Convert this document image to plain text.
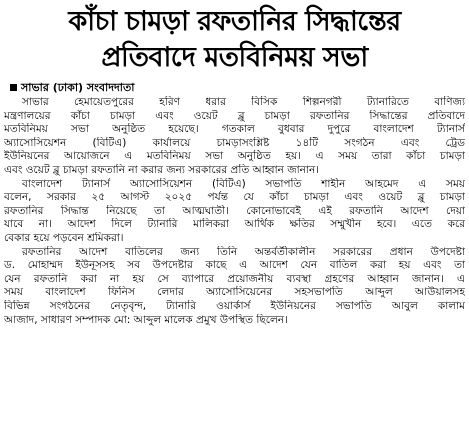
কাঁচা চামড়া রফতানির সিদ্ধান্তের
প্রতিবাদে মতবিনিময় সভা
সাভার (ঢাকা) সংবাদদাতা
সাভার হেমায়েতপুরের হরিণ ধরার বিসিক শিল্পনগরী ট্যানারিতে বাণিজ্য
মন্ত্রণালয়ের কাঁচা চামড়া এবং ওয়েট ব্লু চামড়া রফতানির সিদ্ধান্তের প্রতিবাদে
মতবিনিময় সভা অনুষ্ঠিত হয়েছে। গতকাল বুধবার দুপুরে বাংলাদেশ ট্যানার্স
অ্যাসোসিয়েশন (বিটিএ) কার্যালয়ে চামড়াসংশ্লিষ্ট ১৪টি সংগঠন এবং ট্রেড
ইউনিয়নের আয়োজনে এ মতবিনিময় সভা অনুষ্ঠিত হয়। এ সময় তারা কাঁচা চামড়া
এবং ওয়েট ব্লু চামড়া রফতানি না করার জন্য সরকারের প্রতি আহ্বান জানান।
বাংলাদেশ ট্যানার্স অ্যাসোসিয়েশন (বিটিএ) সভাপতি শাহীন আহমেদ এ সময়
বলেন, সরকার ২৫ আগস্ট ২০২৫ পর্যন্ত যে কাঁচা চামড়া এবং ওয়েট ব্লু চামড়া
রফতানির সিদ্ধান্ত নিয়েছে তা আত্মঘাতী। কোনোভাবেই এই রফতানি আদেশ দেয়া
যাবে না। আদেশ দিলে ট্যানারি মালিকরা আর্থিক ক্ষতির সম্মুখীন হবে। এতে করে
বেকার হয়ে পড়বেন শ্রমিকরা।
রফতানির আদেশ বাতিলের জন্য তিনি অন্তর্বর্তীকালীন সরকারের প্রধান উপদেষ্টা
ড. মোহাম্মদ ইউনূসসহ সব উপদেষ্টার কাছে এ আদেশ যেন বাতিল করা হয় এবং তা
যেন রফতানি করা না হয় সে ব্যাপারে প্রয়োজনীয় ব্যবস্থা গ্রহণের আহ্বান জানান। এ
সময় বাংলাদেশ ফিনিস লেদার অ্যাসোসিয়েনের সহসভাপতি আব্দুল আউয়ালসহ
বিভিন্ন সংগঠনের নেতৃবৃন্দ, ট্যানারি ওয়ার্কার্স ইউনিয়নের সভাপতি আবুল কালাম
আজাদ, সাধারণ সম্পাদক মো: আব্দুল মালেক প্রমুখ উপস্থিত ছিলেন।
